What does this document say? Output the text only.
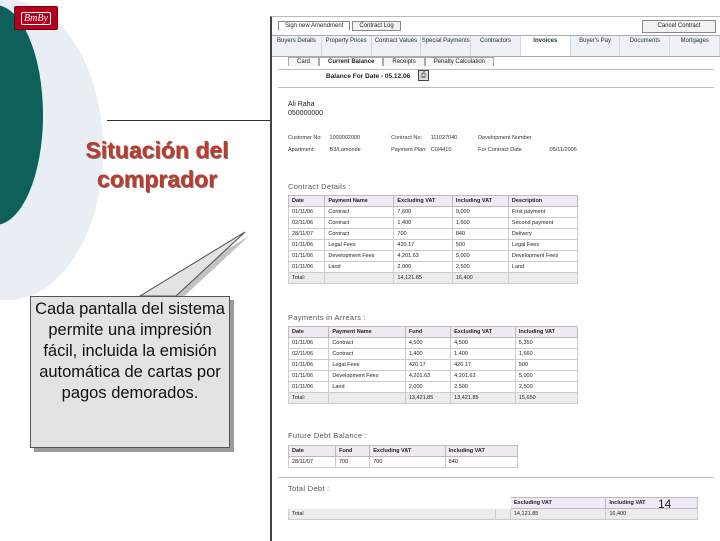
BmBy
Situación del
comprador
Cada pantalla del sistema permite una impresión fácil, incluida la emisión automática de cartas por pagos demorados.
Sign new Amendment	Contract Log	Cancel Contract
Buyers Details	Property Prices	Contract Values Special Payments	Contractors	Invoices	Buyer's Pay	Documents	Mortgages
Card	Current Balance	Receipts	Penalty Calculation
Balance For Date - 05.12.06	⎙
Ali Raha
050000000
Customer No: 1000002000	Contract No: 111027040	Development Number
Apartment:	B3/Lamonde	Payment Plan: C0/4410	For Contract Date	05/11/2006
Contract Details :
Date	Payment Name	Excluding VAT	Including VAT	Description
01/11/06	Contract	7,600	9,000	First payment
02/11/06	Contract	1,400	1,600	Second payment
28/11/07	Contract	700	840	Delivery
01/11/06	Legal Fees	420.17	500	Legal Fees
01/11/06	Development Fees	4,201.63	5,000	Development Fees
01/11/06	Land	2,000	2,500	Land
Total:		14,121.85	16,400	
Payments in Arrears :
Date	Payment Name	Fund	Excluding VAT	Including VAT
01/11/06	Contract	4,500	4,500	5,350
02/11/06	Contract	1,400	1,400	1,660
01/11/06	Legal Fees	420.17	420.17	500
01/11/06	Development Fees	4,201.63	4,201.63	5,000
01/11/06	Land	2,000	2,500	2,500
Total:		13,421.85	13,421.85	15,650
Future Debt Balance :
Date	Fund	Excluding VAT	Including VAT
28/11/07	700	700	840
Total Debt :
		Excluding VAT	Including VAT
Total		14,121.85	16,400
14
